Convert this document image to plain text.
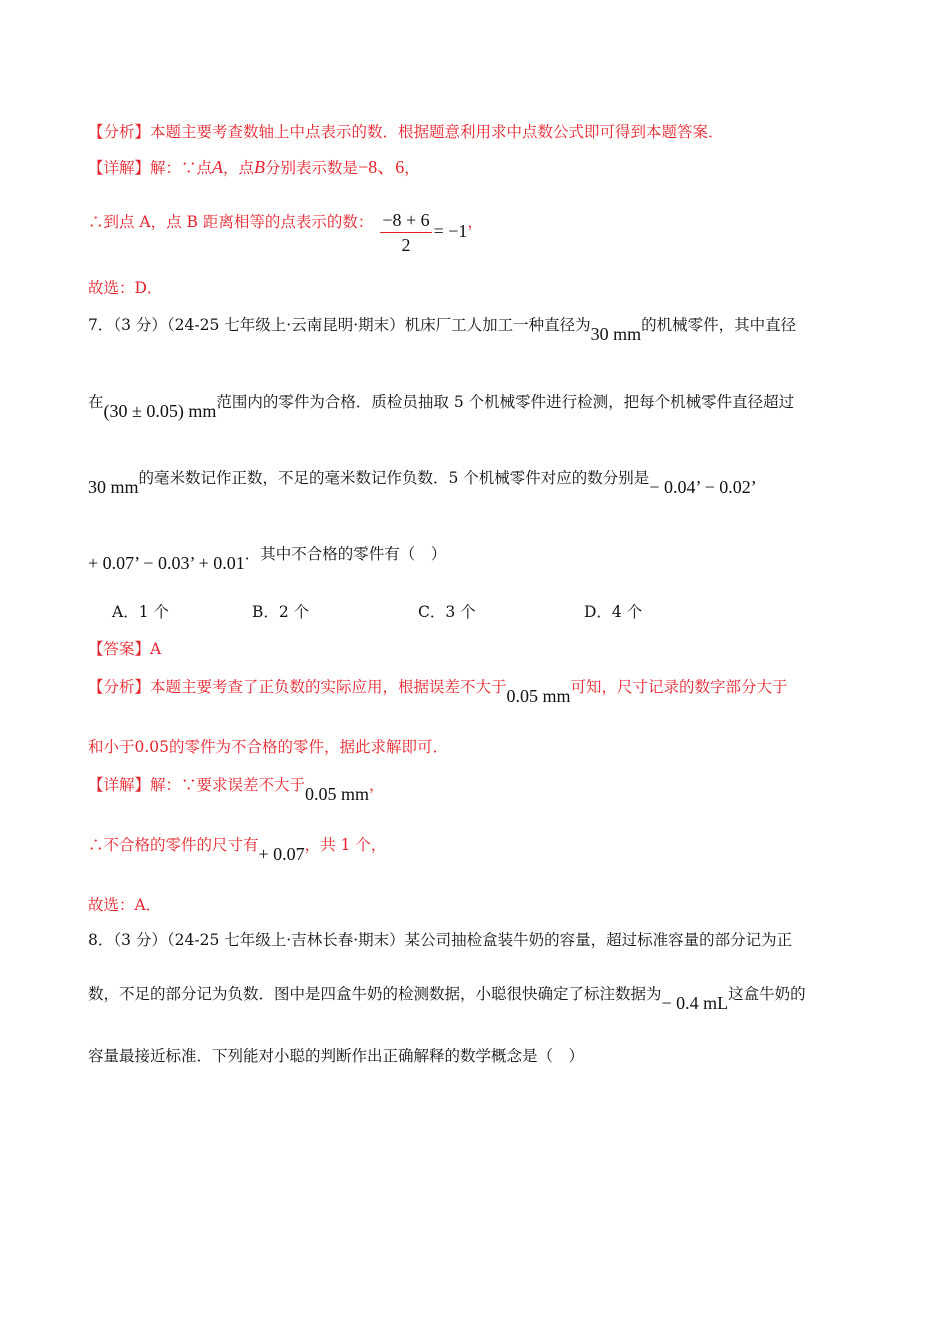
【分析】本题主要考查数轴上中点表示的数．根据题意利用求中点数公式即可得到本题答案．
【详解】解：∵点A，点B分别表示数是−8、6，
∴到点 A，点 B 距离相等的点表示的数： $\frac{-8 + 6}{2} = -1$，
故选：D．
7．（3 分）（24-25 七年级上·云南昆明·期末）机床厂工人加工一种直径为30 mm的机械零件，其中直径
在(30 ± 0.05) mm范围内的零件为合格．质检员抽取 5 个机械零件进行检测，把每个机械零件直径超过
30 mm的毫米数记作正数，不足的毫米数记作负数．5 个机械零件对应的数分别是− 0.04’ − 0.02’
+ 0.07’ − 0.03’ + 0.01．其中不合格的零件有（　）
A．1 个	B．2 个	C．3 个	D．4 个
【答案】A
【分析】本题主要考查了正负数的实际应用，根据误差不大于0.05 mm可知，尺寸记录的数字部分大于
和小于0.05的零件为不合格的零件，据此求解即可．
【详解】解：∵要求误差不大于0.05 mm，
∴不合格的零件的尺寸有+ 0.07，共 1 个，
故选：A．
8．（3 分）（24-25 七年级上·吉林长春·期末）某公司抽检盒装牛奶的容量，超过标准容量的部分记为正
数，不足的部分记为负数．图中是四盒牛奶的检测数据，小聪很快确定了标注数据为− 0.4 mL这盒牛奶的
容量最接近标准．下列能对小聪的判断作出正确解释的数学概念是（　）
